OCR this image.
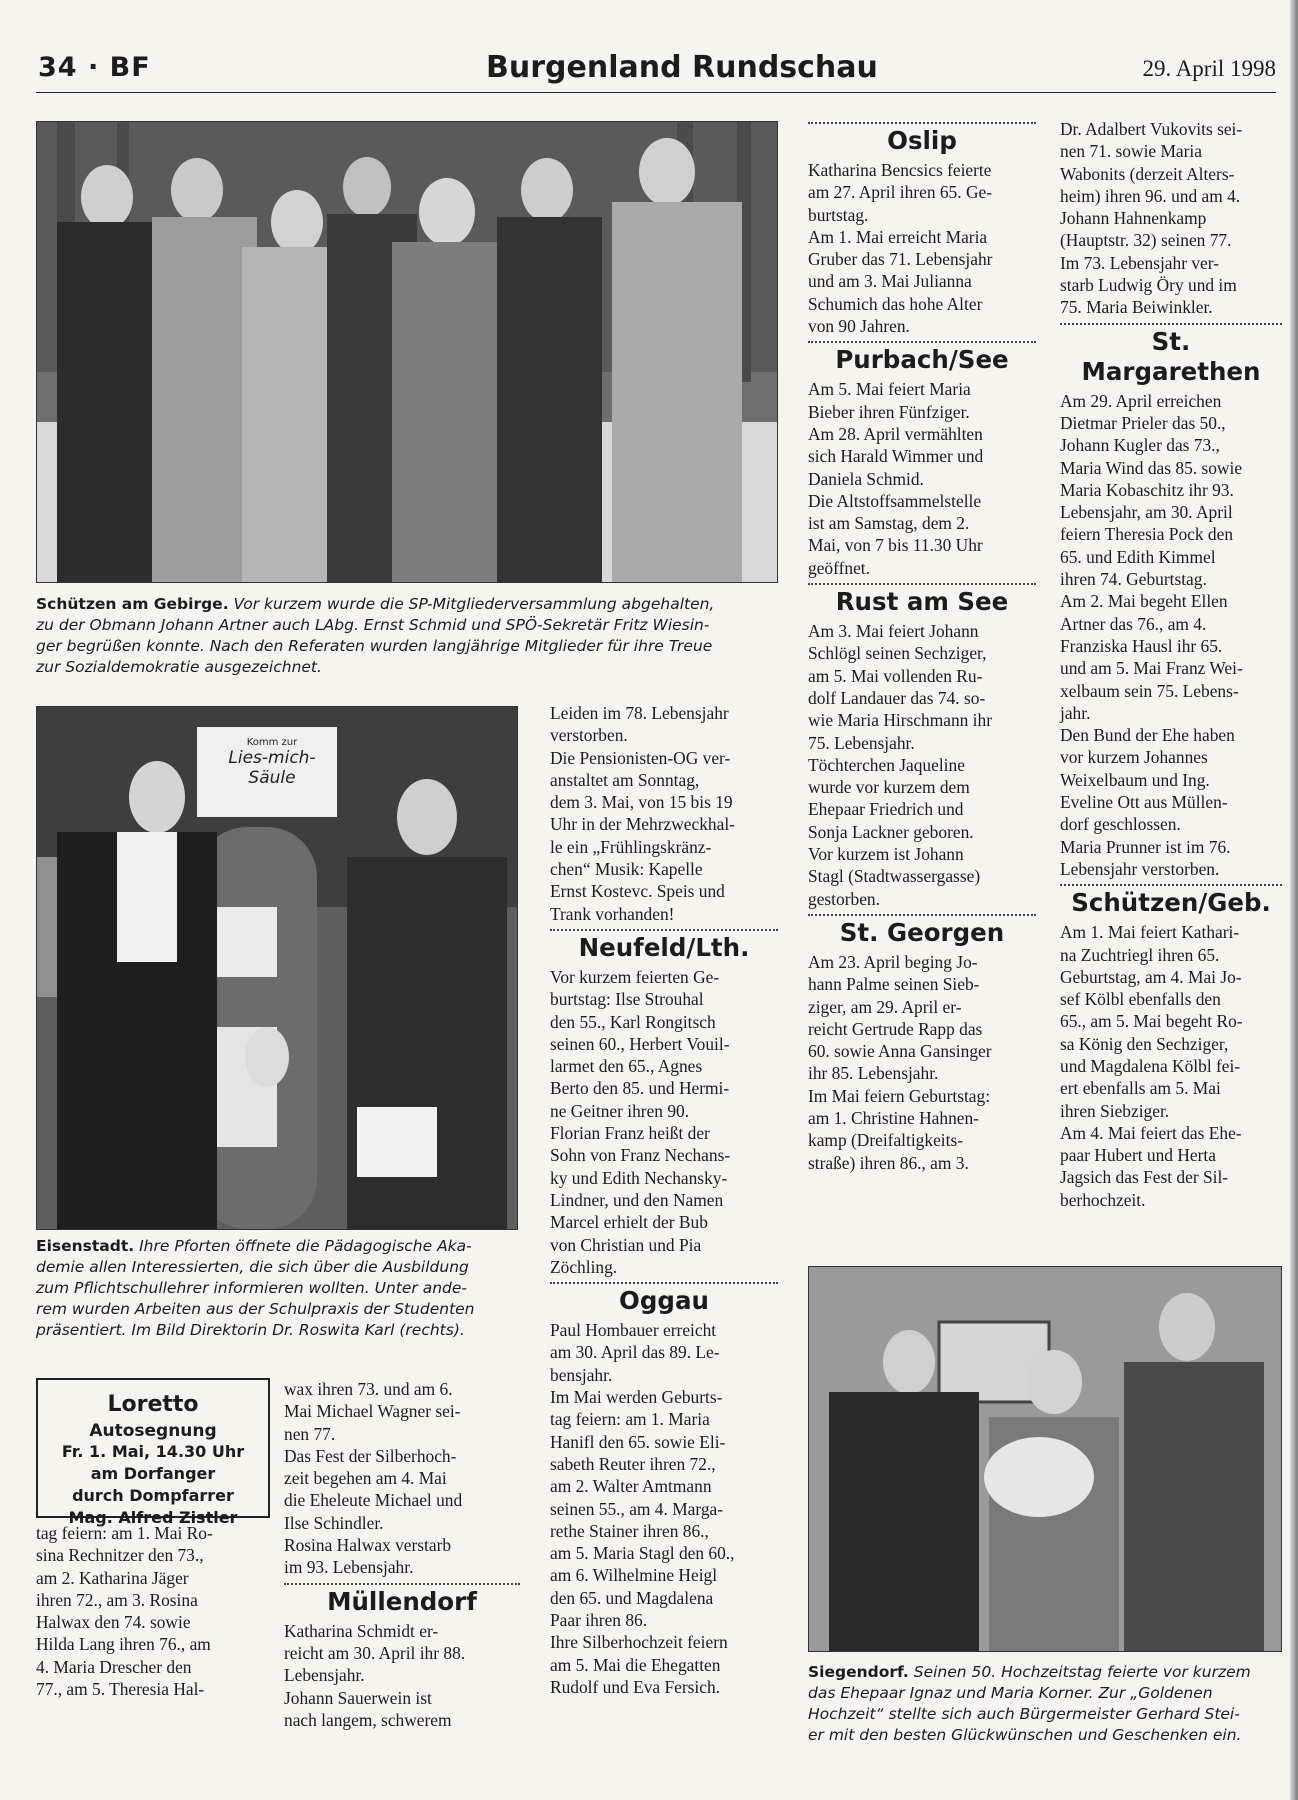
34 · BF	Burgenland Rundschau	29. April 1998
Schützen am Gebirge. Vor kurzem wurde die SP-Mitgliederversammlung abgehalten,
zu der Obmann Johann Artner auch LAbg. Ernst Schmid und SPÖ-Sekretär Fritz Wiesin-
ger begrüßen konnte. Nach den Referaten wurden langjährige Mitglieder für ihre Treue
zur Sozialdemokratie ausgezeichnet.
Komm zur
Lies-mich-Säule
Eisenstadt. Ihre Pforten öffnete die Pädagogische Aka-
demie allen Interessierten, die sich über die Ausbildung
zum Pflichtschullehrer informieren wollten. Unter ande-
rem wurden Arbeiten aus der Schulpraxis der Studenten
präsentiert. Im Bild Direktorin Dr. Roswita Karl (rechts).
Loretto
Autosegnung
Fr. 1. Mai, 14.30 Uhr
am Dorfanger
durch Dompfarrer
Mag. Alfred Zistler
tag feiern: am 1. Mai Ro-
sina Rechnitzer den 73.,
am 2. Katharina Jäger
ihren 72., am 3. Rosina
Halwax den 74. sowie
Hilda Lang ihren 76., am
4. Maria Drescher den
77., am 5. Theresia Hal-
wax ihren 73. und am 6.
Mai Michael Wagner sei-
nen 77.
Das Fest der Silberhoch-
zeit begehen am 4. Mai
die Eheleute Michael und
Ilse Schindler.
Rosina Halwax verstarb
im 93. Lebensjahr.
Müllendorf
Katharina Schmidt er-
reicht am 30. April ihr 88.
Lebensjahr.
Johann Sauerwein ist
nach langem, schwerem
Leiden im 78. Lebensjahr
verstorben.
Die Pensionisten-OG ver-
anstaltet am Sonntag,
dem 3. Mai, von 15 bis 19
Uhr in der Mehrzweckhal-
le ein „Frühlingskränz-
chen“ Musik: Kapelle
Ernst Kostevc. Speis und
Trank vorhanden!
Neufeld/Lth.
Vor kurzem feierten Ge-
burtstag: Ilse Strouhal
den 55., Karl Rongitsch
seinen 60., Herbert Vouil-
larmet den 65., Agnes
Berto den 85. und Hermi-
ne Geitner ihren 90.
Florian Franz heißt der
Sohn von Franz Nechans-
ky und Edith Nechansky-
Lindner, und den Namen
Marcel erhielt der Bub
von Christian und Pia
Zöchling.
Oggau
Paul Hombauer erreicht
am 30. April das 89. Le-
bensjahr.
Im Mai werden Geburts-
tag feiern: am 1. Maria
Hanifl den 65. sowie Eli-
sabeth Reuter ihren 72.,
am 2. Walter Amtmann
seinen 55., am 4. Marga-
rethe Stainer ihren 86.,
am 5. Maria Stagl den 60.,
am 6. Wilhelmine Heigl
den 65. und Magdalena
Paar ihren 86.
Ihre Silberhochzeit feiern
am 5. Mai die Ehegatten
Rudolf und Eva Fersich.
Oslip
Katharina Bencsics feierte
am 27. April ihren 65. Ge-
burtstag.
Am 1. Mai erreicht Maria
Gruber das 71. Lebensjahr
und am 3. Mai Julianna
Schumich das hohe Alter
von 90 Jahren.
Purbach/See
Am 5. Mai feiert Maria
Bieber ihren Fünfziger.
Am 28. April vermählten
sich Harald Wimmer und
Daniela Schmid.
Die Altstoffsammelstelle
ist am Samstag, dem 2.
Mai, von 7 bis 11.30 Uhr
geöffnet.
Rust am See
Am 3. Mai feiert Johann
Schlögl seinen Sechziger,
am 5. Mai vollenden Ru-
dolf Landauer das 74. so-
wie Maria Hirschmann ihr
75. Lebensjahr.
Töchterchen Jaqueline
wurde vor kurzem dem
Ehepaar Friedrich und
Sonja Lackner geboren.
Vor kurzem ist Johann
Stagl (Stadtwassergasse)
gestorben.
St. Georgen
Am 23. April beging Jo-
hann Palme seinen Sieb-
ziger, am 29. April er-
reicht Gertrude Rapp das
60. sowie Anna Gansinger
ihr 85. Lebensjahr.
Im Mai feiern Geburtstag:
am 1. Christine Hahnen-
kamp (Dreifaltigkeits-
straße) ihren 86., am 3.
Dr. Adalbert Vukovits sei-
nen 71. sowie Maria
Wabonits (derzeit Alters-
heim) ihren 96. und am 4.
Johann Hahnenkamp
(Hauptstr. 32) seinen 77.
Im 73. Lebensjahr ver-
starb Ludwig Öry und im
75. Maria Beiwinkler.
St. Margarethen
Am 29. April erreichen
Dietmar Prieler das 50.,
Johann Kugler das 73.,
Maria Wind das 85. sowie
Maria Kobaschitz ihr 93.
Lebensjahr, am 30. April
feiern Theresia Pock den
65. und Edith Kimmel
ihren 74. Geburtstag.
Am 2. Mai begeht Ellen
Artner das 76., am 4.
Franziska Hausl ihr 65.
und am 5. Mai Franz Wei-
xelbaum sein 75. Lebens-
jahr.
Den Bund der Ehe haben
vor kurzem Johannes
Weixelbaum und Ing.
Eveline Ott aus Müllen-
dorf geschlossen.
Maria Prunner ist im 76.
Lebensjahr verstorben.
Schützen/Geb.
Am 1. Mai feiert Kathari-
na Zuchtriegl ihren 65.
Geburtstag, am 4. Mai Jo-
sef Kölbl ebenfalls den
65., am 5. Mai begeht Ro-
sa König den Sechziger,
und Magdalena Kölbl fei-
ert ebenfalls am 5. Mai
ihren Siebziger.
Am 4. Mai feiert das Ehe-
paar Hubert und Herta
Jagsich das Fest der Sil-
berhochzeit.
Siegendorf. Seinen 50. Hochzeitstag feierte vor kurzem
das Ehepaar Ignaz und Maria Korner. Zur „Goldenen
Hochzeit“ stellte sich auch Bürgermeister Gerhard Stei-
er mit den besten Glückwünschen und Geschenken ein.
